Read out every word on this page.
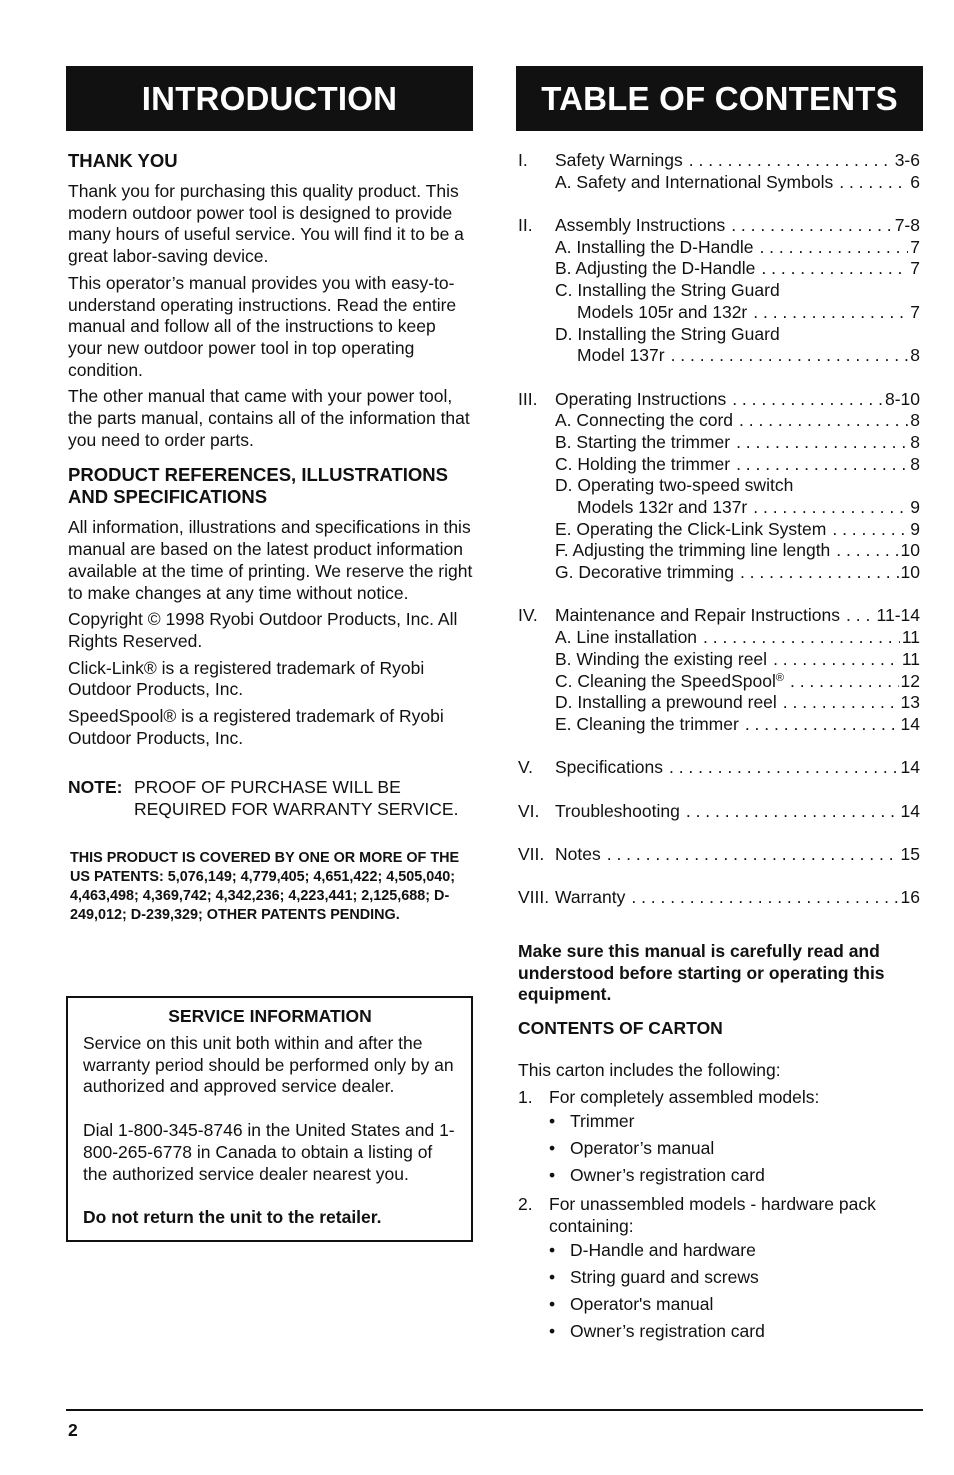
INTRODUCTION	TABLE OF CONTENTS
THANK YOU

Thank you for purchasing this quality product. This modern outdoor power tool is designed to provide many hours of useful service. You will find it to be a great labor-saving device.

This operator’s manual provides you with easy-to-understand operating instructions. Read the entire manual and follow all of the instructions to keep your new outdoor power tool in top operating condition.

The other manual that came with your power tool, the parts manual, contains all of the information that you need to order parts.

PRODUCT REFERENCES, ILLUSTRATIONS AND SPECIFICATIONS

All information, illustrations and specifications in this manual are based on the latest product information available at the time of printing. We reserve the right to make changes at any time without notice.

Copyright © 1998 Ryobi Outdoor Products, Inc. All Rights Reserved.

Click-Link® is a registered trademark of Ryobi Outdoor Products, Inc.

SpeedSpool® is a registered trademark of Ryobi Outdoor Products, Inc.

NOTE: PROOF OF PURCHASE WILL BE REQUIRED FOR WARRANTY SERVICE.

THIS PRODUCT IS COVERED BY ONE OR MORE OF THE US PATENTS: 5,076,149; 4,779,405; 4,651,422; 4,505,040; 4,463,498; 4,369,742; 4,342,236; 4,223,441; 2,125,688; D-249,012; D-239,329; OTHER PATENTS PENDING.

SERVICE INFORMATION

Service on this unit both within and after the warranty period should be performed only by an authorized and approved service dealer.

Dial 1-800-345-8746 in the United States and 1-800-265-6778 in Canada to obtain a listing of the authorized service dealer nearest you.

Do not return the unit to the retailer.

I.	Safety Warnings . . .	3-6
A. Safety and International Symbols . . .	6
II.	Assembly Instructions . . .	7-8
A. Installing the D-Handle . . .	7
B. Adjusting the D-Handle . . .	7
C. Installing the String Guard
Models 105r and 132r . . .	7
D. Installing the String Guard
Model 137r . . .	8
III.	Operating Instructions . . .	8-10
A. Connecting the cord . . .	8
B. Starting the trimmer . . .	8
C. Holding the trimmer . . .	8
D. Operating two-speed switch
Models 132r and 137r . . .	9
E. Operating the Click-Link System . . .	9
F. Adjusting the trimming line length . . .	10
G. Decorative trimming . . .	10
IV. Maintenance and Repair Instructions . . . 11-14
A. Line installation . . .	11
B. Winding the existing reel . . .	11
C. Cleaning the SpeedSpool® . . .	12
D. Installing a prewound reel . . .	13
E. Cleaning the trimmer . . .	14
V.	Specifications . . .	14
VI. Troubleshooting . . .	14
VII. Notes . . .	15
VIII. Warranty . . .	16

Make sure this manual is carefully read and understood before starting or operating this equipment.

CONTENTS OF CARTON

This carton includes the following:

1. For completely assembled models:
• Trimmer
• Operator’s manual
• Owner’s registration card
2. For unassembled models - hardware pack containing:
• D-Handle and hardware
• String guard and screws
• Operator's manual
• Owner’s registration card
2
